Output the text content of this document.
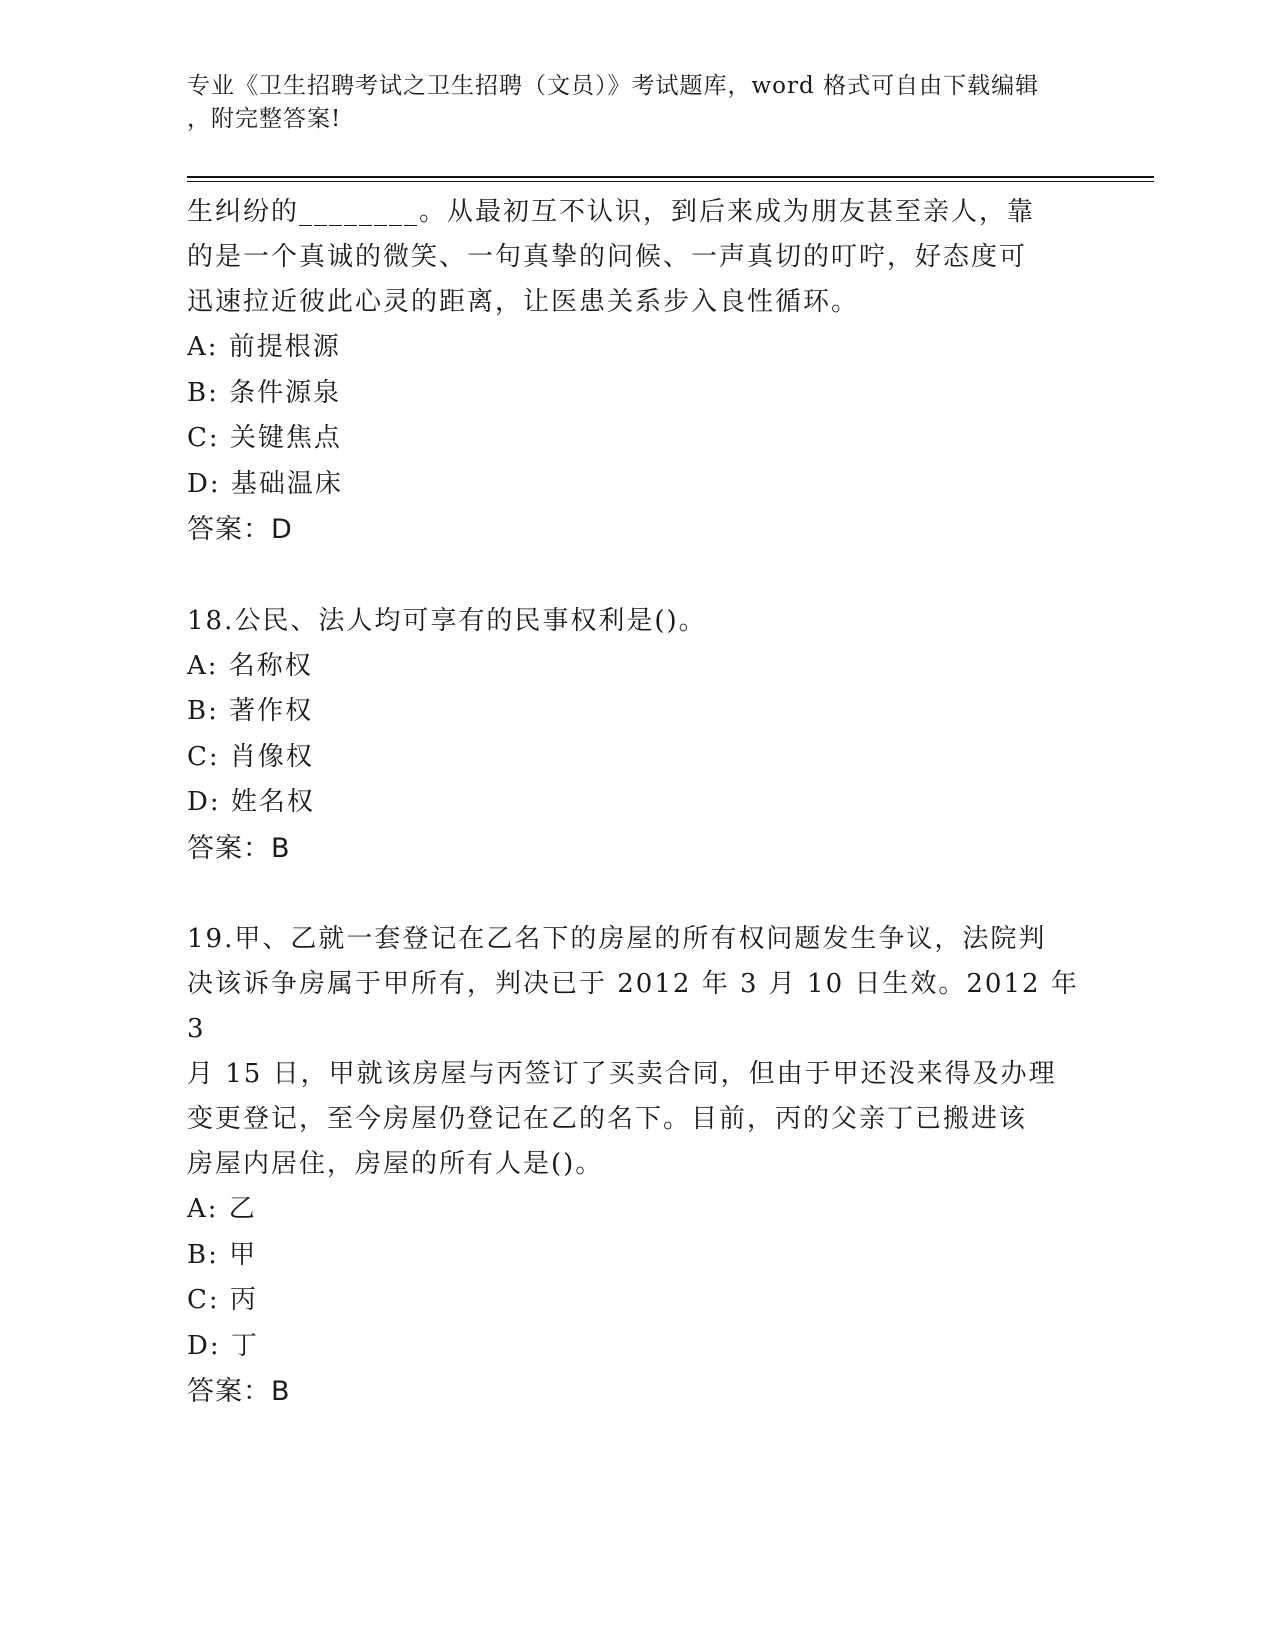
专业《卫生招聘考试之卫生招聘（文员）》考试题库，word 格式可自由下载编辑
，附完整答案!

生纠纷的________。从最初互不认识，到后来成为朋友甚至亲人，靠

的是一个真诚的微笑、一句真挚的问候、一声真切的叮咛，好态度可

迅速拉近彼此心灵的距离，让医患关系步入良性循环。

A: 前提根源

B: 条件源泉

C: 关键焦点

D: 基础温床

答案：D

18.公民、法人均可享有的民事权利是()。

A: 名称权

B: 著作权

C: 肖像权

D: 姓名权

答案：B

19.甲、乙就一套登记在乙名下的房屋的所有权问题发生争议，法院判

决该诉争房属于甲所有，判决已于 2012 年 3 月 10 日生效。2012 年 3

月 15 日，甲就该房屋与丙签订了买卖合同，但由于甲还没来得及办理

变更登记，至今房屋仍登记在乙的名下。目前，丙的父亲丁已搬进该

房屋内居住，房屋的所有人是()。

A: 乙

B: 甲

C: 丙

D: 丁

答案：B
